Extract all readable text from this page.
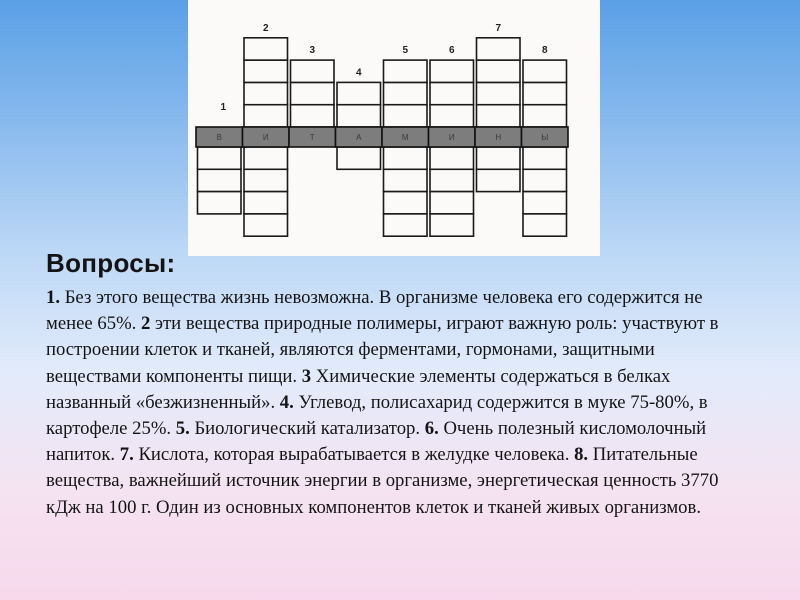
1
2
3
4
5	6
7
8
В	И	Т	А	М	И	Н	Ы
Вопросы:

1. Без этого вещества жизнь невозможна. В организме человека его содержится не менее 65%. 2 эти вещества природные полимеры, играют важную роль: участвуют в построении клеток и тканей, являются ферментами, гормонами, защитными веществами компоненты пищи. 3 Химические элементы содержаться в белках названный «безжизненный». 4. Углевод, полисахарид содержится в муке 75-80%, в картофеле 25%. 5. Биологический катализатор. 6. Очень полезный кисломолочный напиток. 7. Кислота, которая вырабатывается в желудке человека. 8. Питательные вещества, важнейший источник энергии в организме, энергетическая ценность 3770 кДж на 100 г. Один из основных компонентов клеток и тканей живых организмов.
